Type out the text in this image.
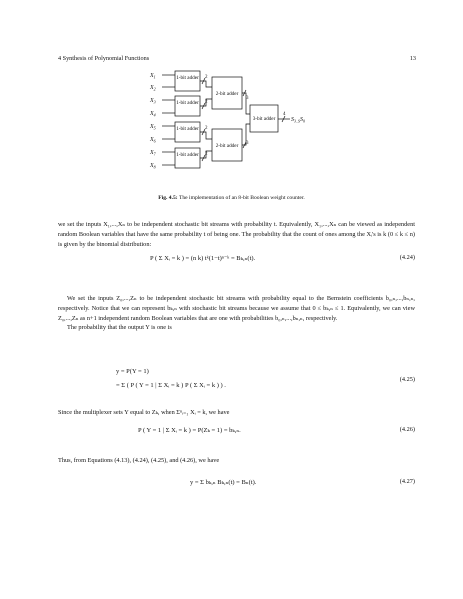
4 Synthesis of Polynomial Functions	13
$X_1$
$X_2$
$X_3$
$X_4$
$X_5$
$X_6$
$X_7$
$X_8$
1-bit adder
1-bit adder
1-bit adder
1-bit adder
2-bit adder
2-bit adder
3-bit adder
2
2
2
2
3
3
4
$S_{3..S}S_0$
Fig. 4.5: The implementation of an 8-bit Boolean weight counter.

we set the inputs X₁,...,Xₙ to be independent stochastic bit streams with probability t. Equivalently, X₁,...,Xₙ can be viewed as independent random Boolean variables that have the same probability t of being one. The probability that the count of ones among the Xᵢ's is k (0 ≤ k ≤ n) is given by the binomial distribution:

P ( Σ Xᵢ = k ) = (n k) tᵏ(1−t)ⁿ⁻ᵏ = Bₖ,ₙ(t).	(4.24)

We set the inputs Z₀,...,Zₙ to be independent stochastic bit streams with probability equal to the Bernstein coefficients b₀,ₙ,...,bₙ,ₙ, respectively. Notice that we can represent bₖ,ₙ with stochastic bit streams because we assume that 0 ≤ bₖ,ₙ ≤ 1. Equivalently, we can view Z₀,...,Zₙ as n+1 independent random Boolean variables that are one with probabilities b₀,ₙ,...,bₙ,ₙ, respectively.

The probability that the output Y is one is

y = P(Y = 1)
= Σ ( P ( Y = 1 | Σ Xᵢ = k ) P ( Σ Xᵢ = k ) ) .
(4.25)

Since the multiplexer sets Y equal to Zₖ, when Σⁿᵢ₌₁ Xᵢ = k, we have

P ( Y = 1 | Σ Xᵢ = k ) = P(Zₖ = 1) = bₖ,ₙ.	(4.26)

Thus, from Equations (4.13), (4.24), (4.25), and (4.26), we have

y = Σ bₖ,ₙ Bₖ,ₙ(t) = Bₙ(t).	(4.27)
